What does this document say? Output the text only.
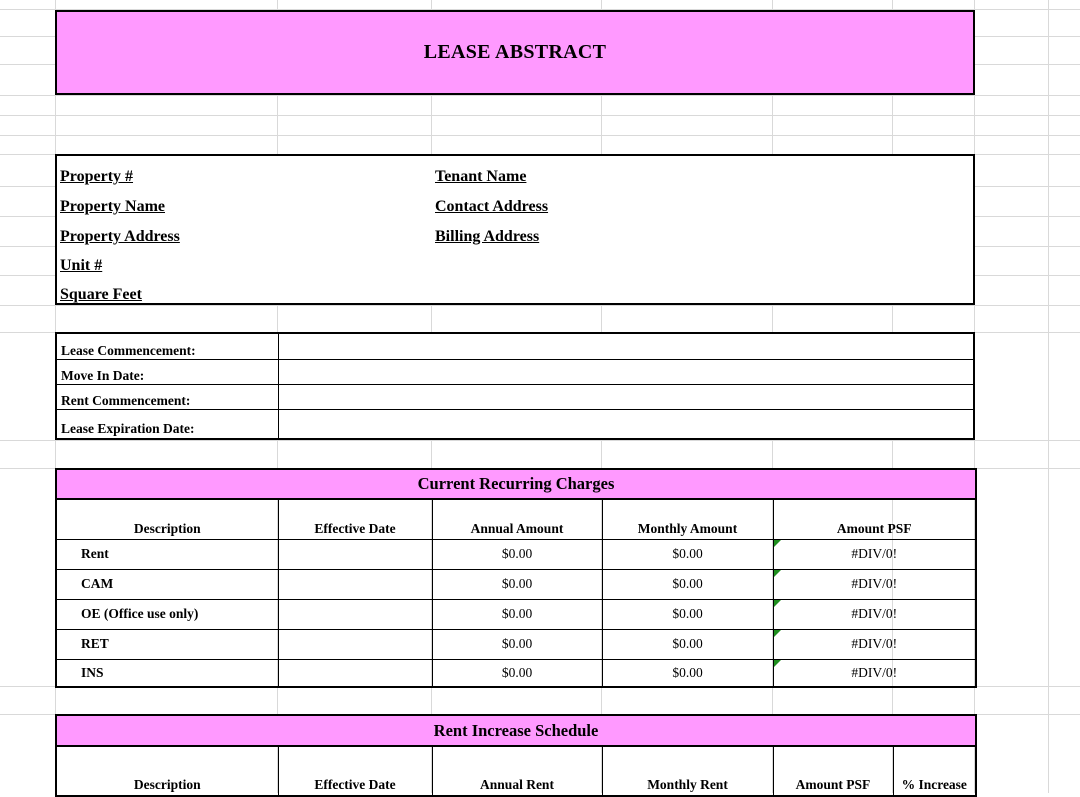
LEASE ABSTRACT
Property #
Property Name
Property Address
Unit #
Square Feet
Tenant Name
Contact Address
Billing Address
Lease Commencement:
Move In Date:
Rent Commencement:
Lease Expiration Date:
Current Recurring Charges				
Description	Effective Date	Annual Amount	Monthly Amount	Amount PSF
Rent		$0.00	$0.00	#DIV/0!
CAM		$0.00	$0.00	#DIV/0!
OE (Office use only)		$0.00	$0.00	#DIV/0!
RET		$0.00	$0.00	#DIV/0!
INS		$0.00	$0.00	#DIV/0!
Rent Increase Schedule
Description	Effective Date	Annual Rent	Monthly Rent	Amount PSF	% Increase
